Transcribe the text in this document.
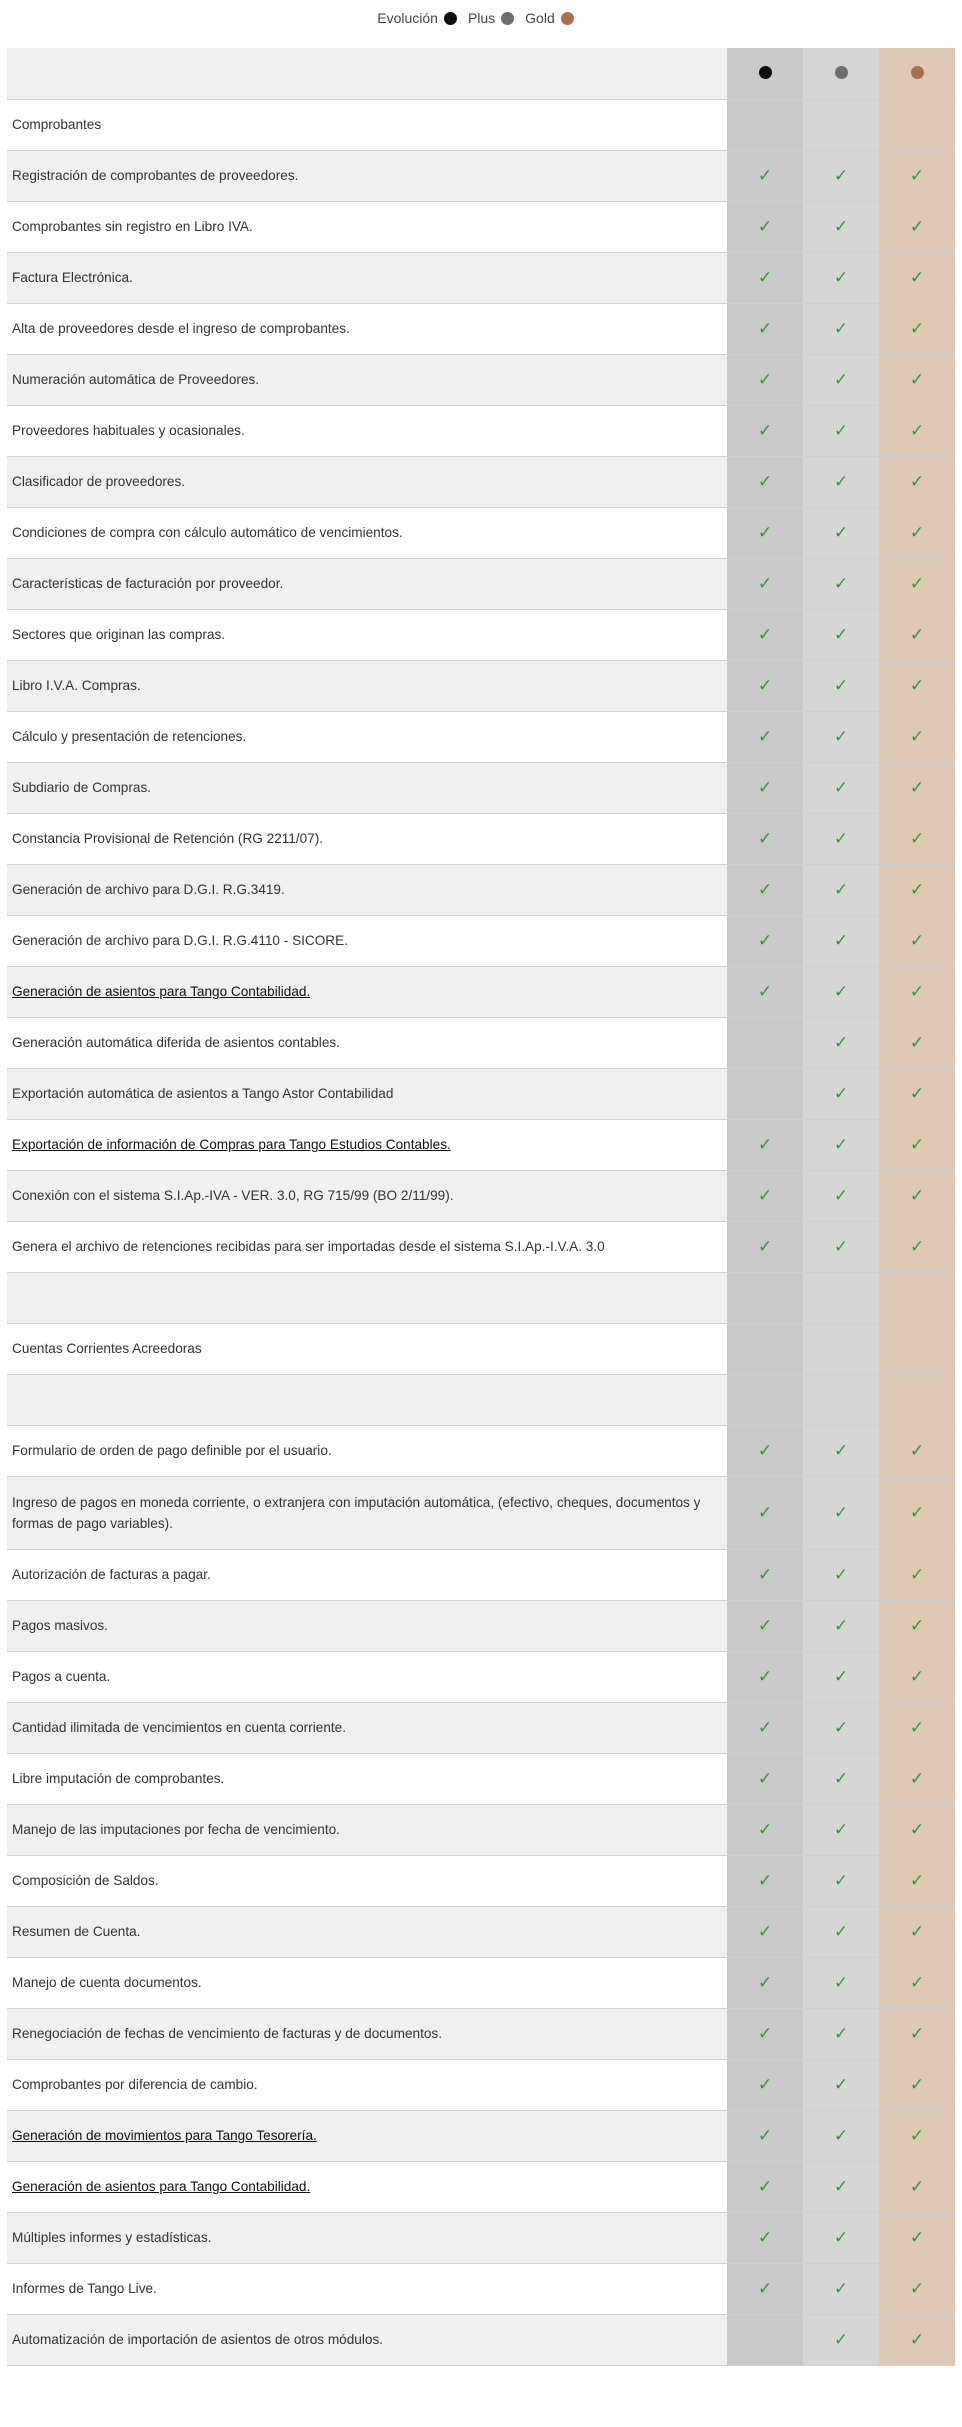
Evolución Plus Gold

Comprobantes			
Registración de comprobantes de proveedores.	✓	✓	✓
Comprobantes sin registro en Libro IVA.	✓	✓	✓
Factura Electrónica.	✓	✓	✓
Alta de proveedores desde el ingreso de comprobantes.	✓	✓	✓
Numeración automática de Proveedores.	✓	✓	✓
Proveedores habituales y ocasionales.	✓	✓	✓
Clasificador de proveedores.	✓	✓	✓
Condiciones de compra con cálculo automático de vencimientos.	✓	✓	✓
Características de facturación por proveedor.	✓	✓	✓
Sectores que originan las compras.	✓	✓	✓
Libro I.V.A. Compras.	✓	✓	✓
Cálculo y presentación de retenciones.	✓	✓	✓
Subdiario de Compras.	✓	✓	✓
Constancia Provisional de Retención (RG 2211/07).	✓	✓	✓
Generación de archivo para D.G.I. R.G.3419.	✓	✓	✓
Generación de archivo para D.G.I. R.G.4110 - SICORE.	✓	✓	✓
Generación de asientos para Tango Contabilidad.	✓	✓	✓
Generación automática diferida de asientos contables.		✓	✓
Exportación automática de asientos a Tango Astor Contabilidad		✓	✓
Exportación de información de Compras para Tango Estudios Contables.	✓	✓	✓
Conexión con el sistema S.I.Ap.-IVA - VER. 3.0, RG 715/99 (BO 2/11/99).	✓	✓	✓
Genera el archivo de retenciones recibidas para ser importadas desde el sistema S.I.Ap.-I.V.A. 3.0	✓	✓	✓

Cuentas Corrientes Acreedoras			

Formulario de orden de pago definible por el usuario.	✓	✓	✓
Ingreso de pagos en moneda corriente, o extranjera con imputación automática, (efectivo, cheques, documentos y formas de pago variables).	✓	✓	✓
Autorización de facturas a pagar.	✓	✓	✓
Pagos masivos.	✓	✓	✓
Pagos a cuenta.	✓	✓	✓
Cantidad ilimitada de vencimientos en cuenta corriente.	✓	✓	✓
Libre imputación de comprobantes.	✓	✓	✓
Manejo de las imputaciones por fecha de vencimiento.	✓	✓	✓
Composición de Saldos.	✓	✓	✓
Resumen de Cuenta.	✓	✓	✓
Manejo de cuenta documentos.	✓	✓	✓
Renegociación de fechas de vencimiento de facturas y de documentos.	✓	✓	✓
Comprobantes por diferencia de cambio.	✓	✓	✓
Generación de movimientos para Tango Tesorería.	✓	✓	✓
Generación de asientos para Tango Contabilidad.	✓	✓	✓
Múltiples informes y estadísticas.	✓	✓	✓
Informes de Tango Live.	✓	✓	✓
Automatización de importación de asientos de otros módulos.		✓	✓
